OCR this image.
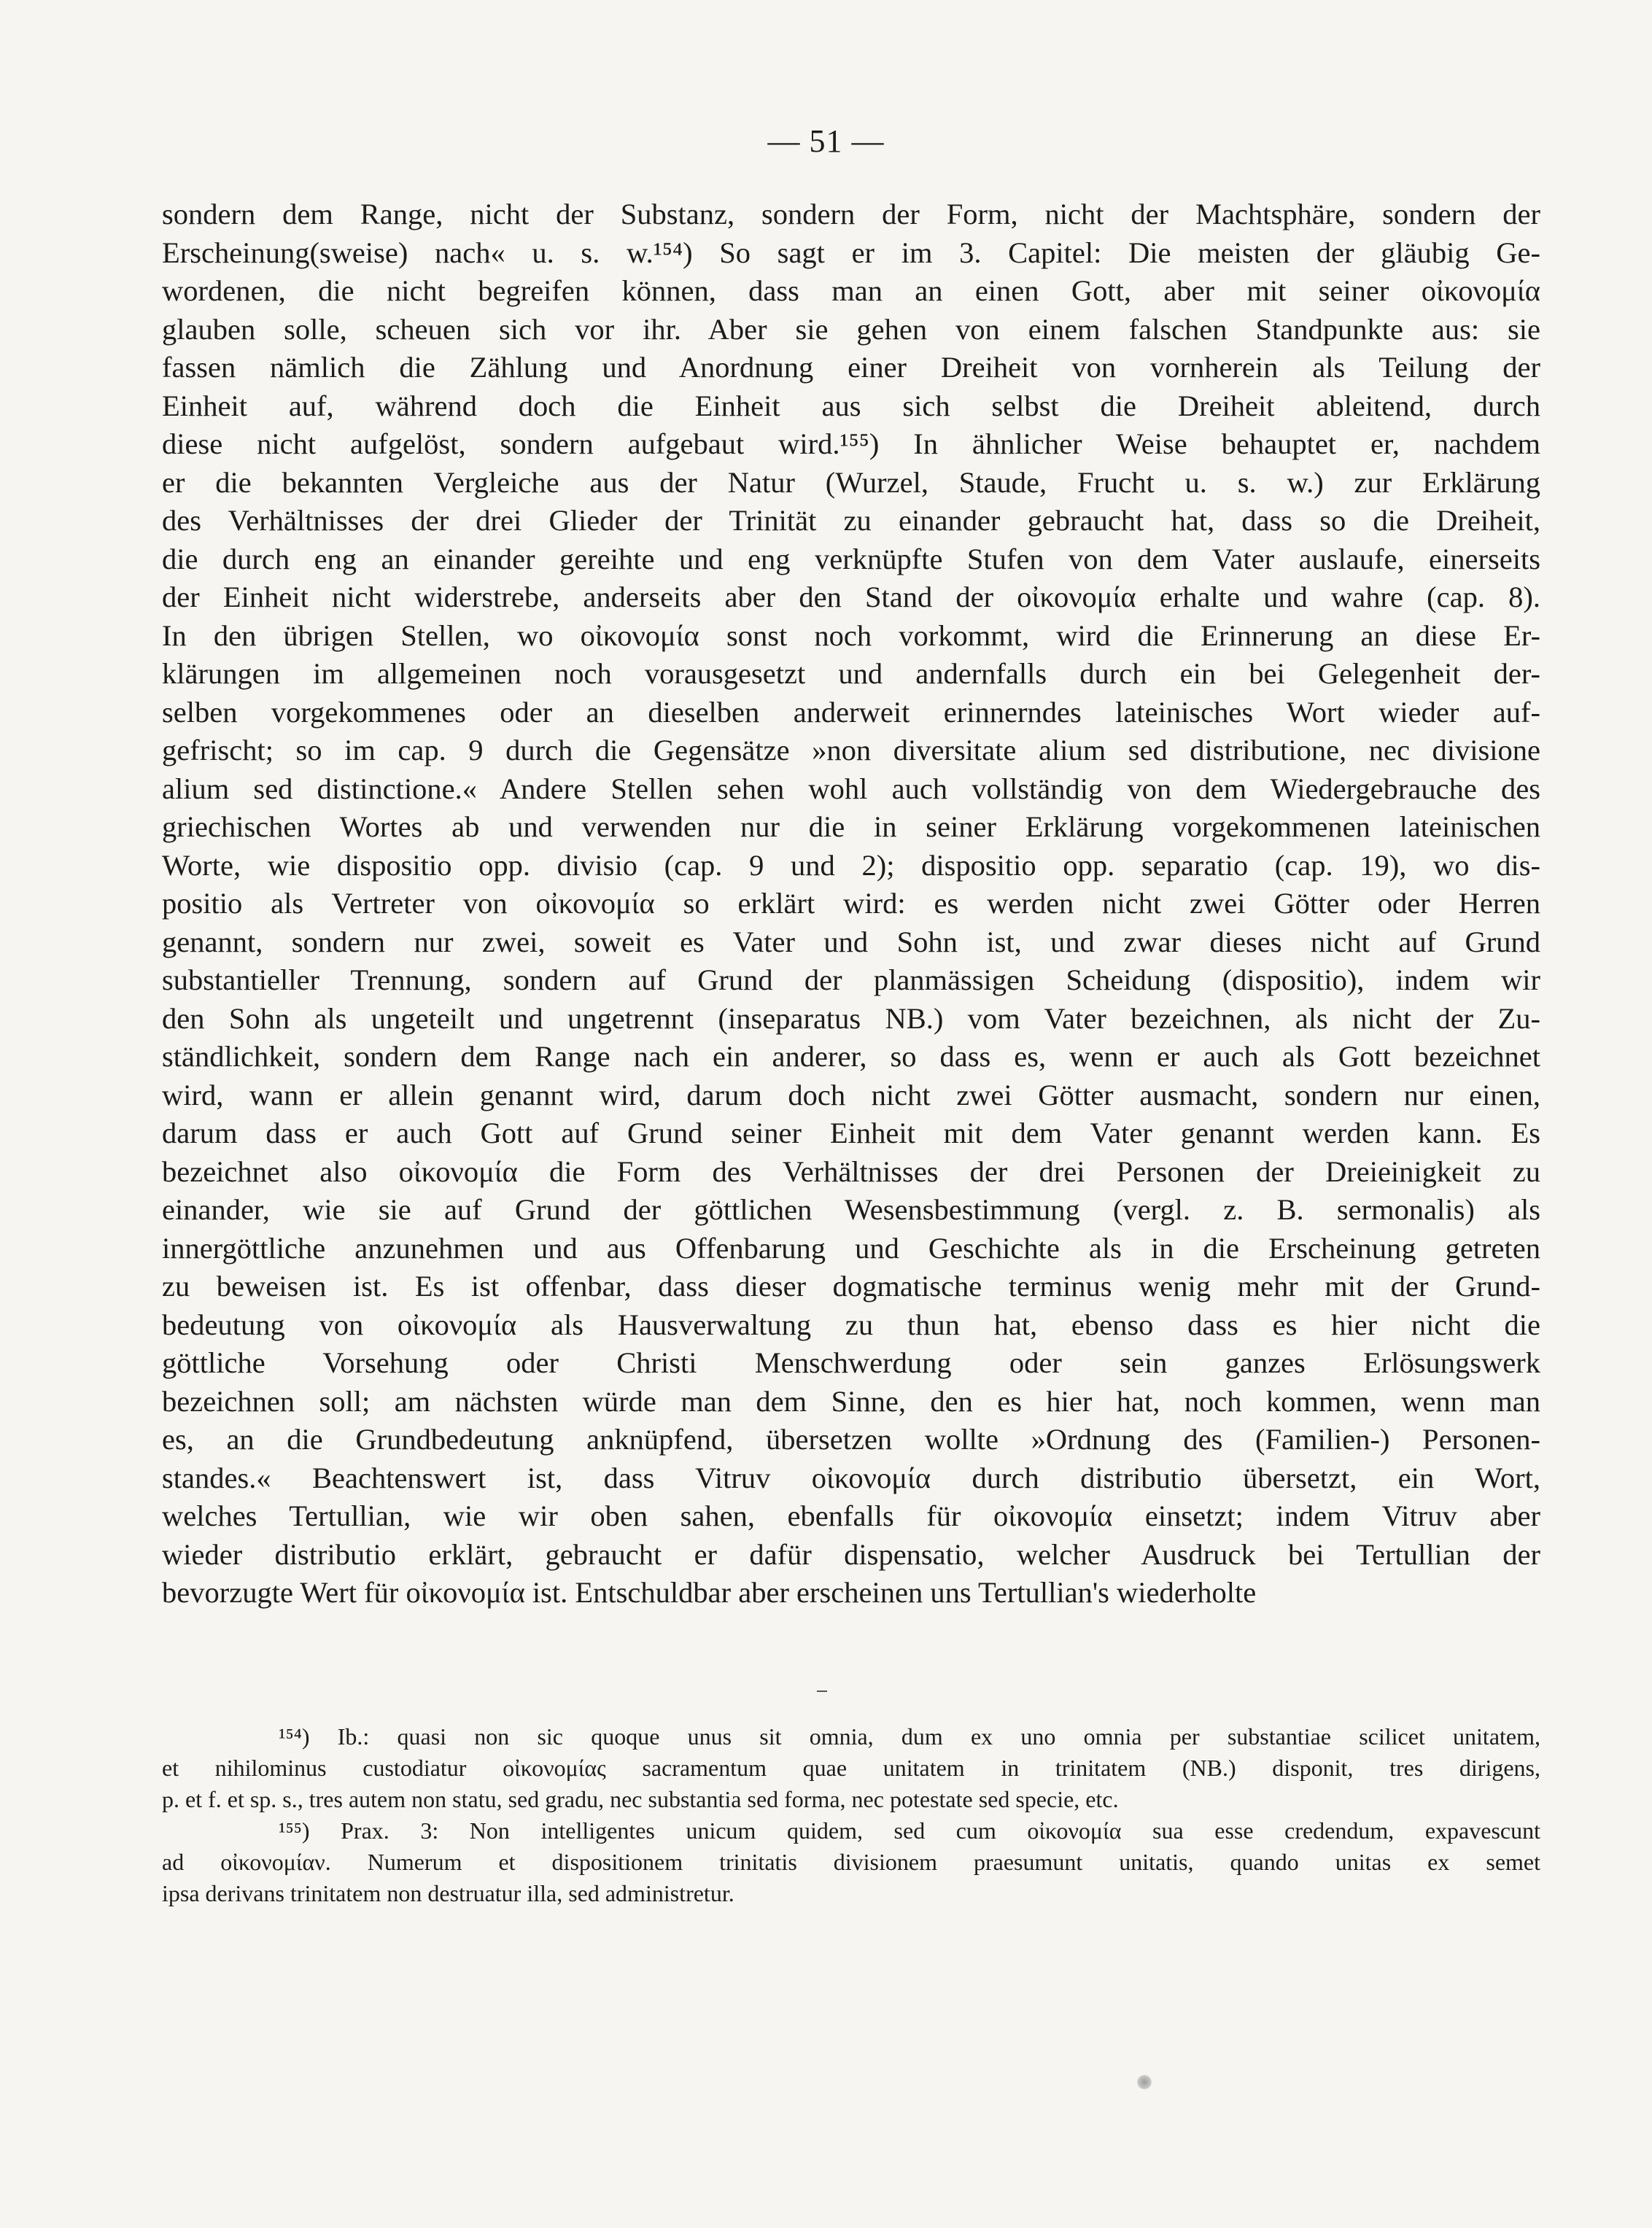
— 51 —
sondern dem Range, nicht der Substanz, sondern der Form, nicht der Machtsphäre, sondern der
Erscheinung(sweise) nach« u. s. w.¹⁵⁴) So sagt er im 3. Capitel: Die meisten der gläubig Ge-
wordenen, die nicht begreifen können, dass man an einen Gott, aber mit seiner οἰκονομία
glauben solle, scheuen sich vor ihr. Aber sie gehen von einem falschen Standpunkte aus: sie
fassen nämlich die Zählung und Anordnung einer Dreiheit von vornherein als Teilung der
Einheit auf, während doch die Einheit aus sich selbst die Dreiheit ableitend, durch
diese nicht aufgelöst, sondern aufgebaut wird.¹⁵⁵) In ähnlicher Weise behauptet er, nachdem
er die bekannten Vergleiche aus der Natur (Wurzel, Staude, Frucht u. s. w.) zur Erklärung
des Verhältnisses der drei Glieder der Trinität zu einander gebraucht hat, dass so die Dreiheit,
die durch eng an einander gereihte und eng verknüpfte Stufen von dem Vater auslaufe, einerseits
der Einheit nicht widerstrebe, anderseits aber den Stand der οἰκονομία erhalte und wahre (cap. 8).
In den übrigen Stellen, wo οἰκονομία sonst noch vorkommt, wird die Erinnerung an diese Er-
klärungen im allgemeinen noch vorausgesetzt und andernfalls durch ein bei Gelegenheit der-
selben vorgekommenes oder an dieselben anderweit erinnerndes lateinisches Wort wieder auf-
gefrischt; so im cap. 9 durch die Gegensätze »non diversitate alium sed distributione, nec divisione
alium sed distinctione.« Andere Stellen sehen wohl auch vollständig von dem Wiedergebrauche des
griechischen Wortes ab und verwenden nur die in seiner Erklärung vorgekommenen lateinischen
Worte, wie dispositio opp. divisio (cap. 9 und 2); dispositio opp. separatio (cap. 19), wo dis-
positio als Vertreter von οἰκονομία so erklärt wird: es werden nicht zwei Götter oder Herren
genannt, sondern nur zwei, soweit es Vater und Sohn ist, und zwar dieses nicht auf Grund
substantieller Trennung, sondern auf Grund der planmässigen Scheidung (dispositio), indem wir
den Sohn als ungeteilt und ungetrennt (inseparatus NB.) vom Vater bezeichnen, als nicht der Zu-
ständlichkeit, sondern dem Range nach ein anderer, so dass es, wenn er auch als Gott bezeichnet
wird, wann er allein genannt wird, darum doch nicht zwei Götter ausmacht, sondern nur einen,
darum dass er auch Gott auf Grund seiner Einheit mit dem Vater genannt werden kann. Es
bezeichnet also οἰκονομία die Form des Verhältnisses der drei Personen der Dreieinigkeit zu
einander, wie sie auf Grund der göttlichen Wesensbestimmung (vergl. z. B. sermonalis) als
innergöttliche anzunehmen und aus Offenbarung und Geschichte als in die Erscheinung getreten
zu beweisen ist. Es ist offenbar, dass dieser dogmatische terminus wenig mehr mit der Grund-
bedeutung von οἰκονομία als Hausverwaltung zu thun hat, ebenso dass es hier nicht die
göttliche Vorsehung oder Christi Menschwerdung oder sein ganzes Erlösungswerk
bezeichnen soll; am nächsten würde man dem Sinne, den es hier hat, noch kommen, wenn man
es, an die Grundbedeutung anknüpfend, übersetzen wollte »Ordnung des (Familien-) Personen-
standes.« Beachtenswert ist, dass Vitruv οἰκονομία durch distributio übersetzt, ein Wort,
welches Tertullian, wie wir oben sahen, ebenfalls für οἰκονομία einsetzt; indem Vitruv aber
wieder distributio erklärt, gebraucht er dafür dispensatio, welcher Ausdruck bei Tertullian der
bevorzugte Wert für οἰκονομία ist. Entschuldbar aber erscheinen uns Tertullian's wiederholte
¹⁵⁴) Ib.: quasi non sic quoque unus sit omnia, dum ex uno omnia per substantiae scilicet unitatem,
et nihilominus custodiatur οἰκονομίας sacramentum quae unitatem in trinitatem (NB.) disponit, tres dirigens,
p. et f. et sp. s., tres autem non statu, sed gradu, nec substantia sed forma, nec potestate sed specie, etc.
¹⁵⁵) Prax. 3: Non intelligentes unicum quidem, sed cum οἰκονομία sua esse credendum, expavescunt
ad οἰκονομίαν. Numerum et dispositionem trinitatis divisionem praesumunt unitatis, quando unitas ex semet
ipsa derivans trinitatem non destruatur illa, sed administretur.
